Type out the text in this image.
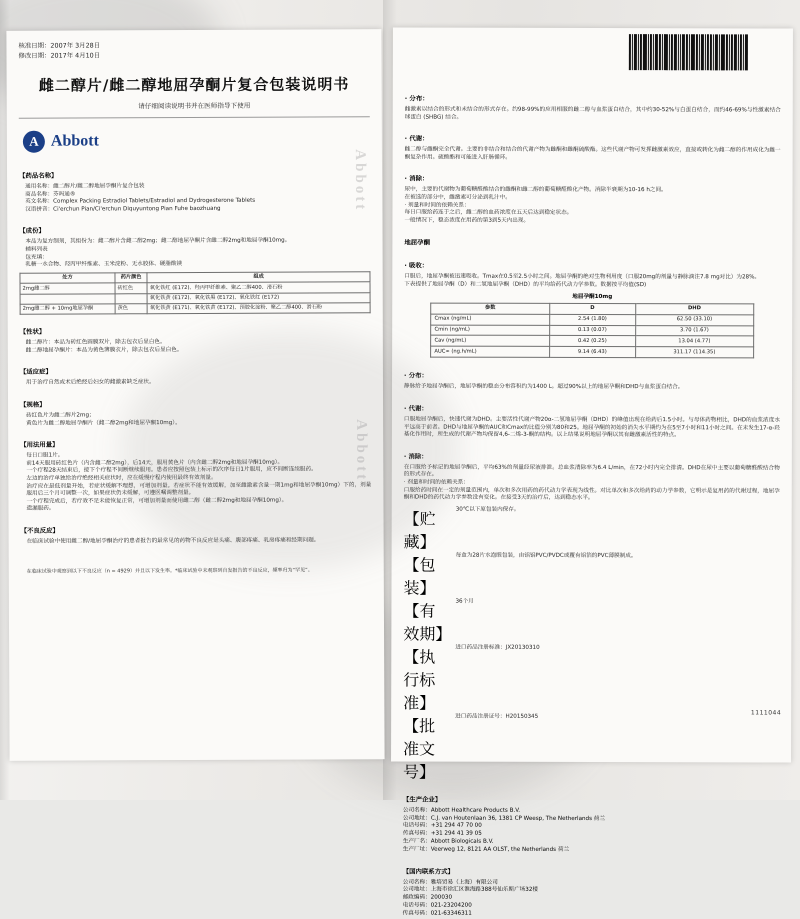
核准日期：2007年 3月28日
修改日期：2017年 4月10日
雌二醇片/雌二醇地屈孕酮片复合包装说明书
请仔细阅读说明书并在医师指导下使用
A Abbott
【药品名称】
通用名称：雌二醇片/雌二醇地屈孕酮片复合包装
商品名称：芬吗通®
英文名称：Complex Packing Estradiol Tablets/Estradiol and Dydrogesterone Tablets
汉语拼音：Ci'erchun Pian/Ci'erchun Diquyuntong Pian Fuhe baozhuang
【成份】
本品为复方制剂，其组份为：雌二醇片含雌二醇2mg；雌二醇地屈孕酮片含雌二醇2mg和地屈孕酮10mg。
辅料列表
包充填：
乳糖一水合物、羟丙甲纤维素、玉米淀粉、无水胶体、硬脂酸镁
处方	药片颜色	组成
2mg雌二醇	砖红色	氧化铁红 (E172)、羟丙甲纤维素、聚乙二醇400、滑石粉
		氧化铁黄 (E172)、氧化铁黑 (E172)、氧化铁红 (E172)
2mg雌二醇 + 10mg地屈孕酮	黄色	氧化铁黄 (E171)、氧化铁黄 (E172)、预胶化淀粉、聚乙二醇400、滑石粉
【性状】
雌二醇片：本品为砖红色圆膜双片，除去包衣后显白色。
雌二醇地屈孕酮片：本品为黄色薄膜衣片，除去包衣后显白色。
【适应症】
用于治疗自然或术后绝经后妇女的雌激素缺乏症状。
【规格】
砖红色片为雌二醇片2mg；
黄色片为雌二醇地屈孕酮片（雌二醇2mg和地屈孕酮10mg）。
【用法用量】
每日口服1片。
前14天服用砖红色片（内含雌二醇2mg），后14天，服用黄色片（内含雌二醇2mg和地屈孕酮10mg）。
一个疗程28天结束后，接下个疗程不间断继续服用。患者应按照包装上标示的次序每日1片服用，应不间断连续服药。
左边的治疗单独给治疗绝经相关症状时，应在缓慢疗程内使用最终有效剂量。
治疗应在最低剂量开始，若症状缓解不理想，可增加剂量。若症状不能有效缓解，加至雌激素含量一期1mg和地屈孕酮10mg）下的，剂量服用后三个月可调整一次，如果症状仍未缓解，可遵医嘱调整剂量。
一个疗程完成后，若疗效不足未能恢复正常，可增加剂量而使用雌二醇（雌二醇2mg和地屈孕酮10mg）。
遗漏服药。
【不良反应】
在临床试验中使用雌二醇/地屈孕酮治疗的患者报告的最常见的药物不良反应是头痛、腹部疼痛、乳房疼痛和经期问题。
在临床试验中观察到以下不良反应（n = 4929）并且以下发生率。*临床试验中未观察到自发报告的不良反应，频率归为“罕见”。
Abbott
Abbott
· 分布：
雌激素以结合的形式和未结合的形式存在。约98-99%的应用相服的雌二醇与血浆蛋白结合，其中约30-52%与白蛋白结合，而约46-69%与性激素结合球蛋白 (SHBG) 结合。
· 代谢：
雌二醇与雌酮完全代谢。主要的非结合和结合的代谢产物为雌酮和雌酮硫酸酯。这些代谢产物可发挥雌激素效应，直接或转化为雌二醇的作用成化为雌一酮复杂作用。硫酸酯和可能进入肝肠循环。
· 消除：
尿中，主要的代谢物为葡萄糖醛酸结合的雌酮和雌二醇的葡萄糖醛酸化产物。消除半衰期为10-16 h之间。
在被选的部分中，雌激素可分泌到乳汁中。
· 剂量和时间的依赖关系：
每日口服给药连于之后，雌二醇的血药浓度在五天后达到稳定状态。
一般情况下，稳态浓度在用药的第3到5天内出现。
地屈孕酮
· 吸收：
口服后，地屈孕酮被迅速吸收。Tmax在0.5至2.5小时之间。地屈孕酮的绝对生物利用度（口服20mg的剂量与静脉滴注7.8 mg对比）为28%。
下表提供了地屈孕酮（D）和二氢地屈孕酮（DHD）的平均给药代动力学参数。数据按平均值(SD)
地屈孕酮10mg
参数	D	DHD
Cmax (ng/mL)	2.54 (1.80)	62.50 (33.10)
Cmin (ng/mL)	0.13 (0.07)	3.70 (1.67)
Cav (ng/mL)	0.42 (0.25)	13.04 (4.77)
AUC∞ (ng.h/mL)	9.14 (6.43)	311.17 (114.35)
· 分布：
静脉给予地屈孕酮后，地屈孕酮的稳态分布容积约为1400 L。超过90%以上的地屈孕酮和DHD与血浆蛋白结合。
· 代谢：
口服地屈孕酮后，快速代谢为DHD。主要活性代谢产物20α-二氢地屈孕酮（DHD）的峰值出现在给药后1.5小时。与母体药物相比，DHD的血浆浓度水平远高于前者。DHD与地屈孕酮的AUC和Cmax的比值分别为80和25。地屈孕酮的初始的消失水平期约为在5至7小时和11小时之间。在未发生17-α-羟基化作用时，所生成的代谢产物均保留4,6-二烯-3-酮的结构。以上结果说明地屈孕酮以其有雌激素活性的特点。
· 消除：
在口服给予标记的地屈孕酮后，平均63%的剂量经尿液排泄。总血浆清除率为6.4 L/min，在72小时内完全排清。DHD在尿中主要以葡萄糖醛酸结合物的形式存在。
· 剂量和时间的依赖关系：
口服给药时间在一定的剂量范围内，单次和多次用药的药代动力学表现为线性。对比单次和多次给药的动力学参数，它明示是复用药的代谢过程，地屈孕酮和DHD的药代动力学参数没有变化。在接受3天的治疗后，达到稳态水平。
【贮藏】
30℃以下原包装内保存。
【包装】
每盒为28片水泡眼包装，由铝铝PVC/PVDC或覆有铝箔的PVC薄膜制成。
【有效期】
36个月
【执行标准】
进口药品注册标准：JX20130310
【批准文号】
进口药品注册证号：H20150345
【生产企业】
公司名称：Abbott Healthcare Products B.V.
公司地址：C.J. van Houtenlaan 36, 1381 CP Weesp, The Netherlands 荷兰
电话号码：+31 294 47 70 00
传真号码：+31 294 41 39 05
生产厂名：Abbott Biologicals B.V.
生产厂址：Veerweg 12, 8121 AA OLST, the Netherlands 荷兰
【国内联系方式】
公司名称：雅培贸易（上海）有限公司
公司地址：上海市徐汇区淮海路388号仙乐斯广场32楼
邮政编码：200030
电话号码：021-23204200
传真号码：021-63346311
1111044
